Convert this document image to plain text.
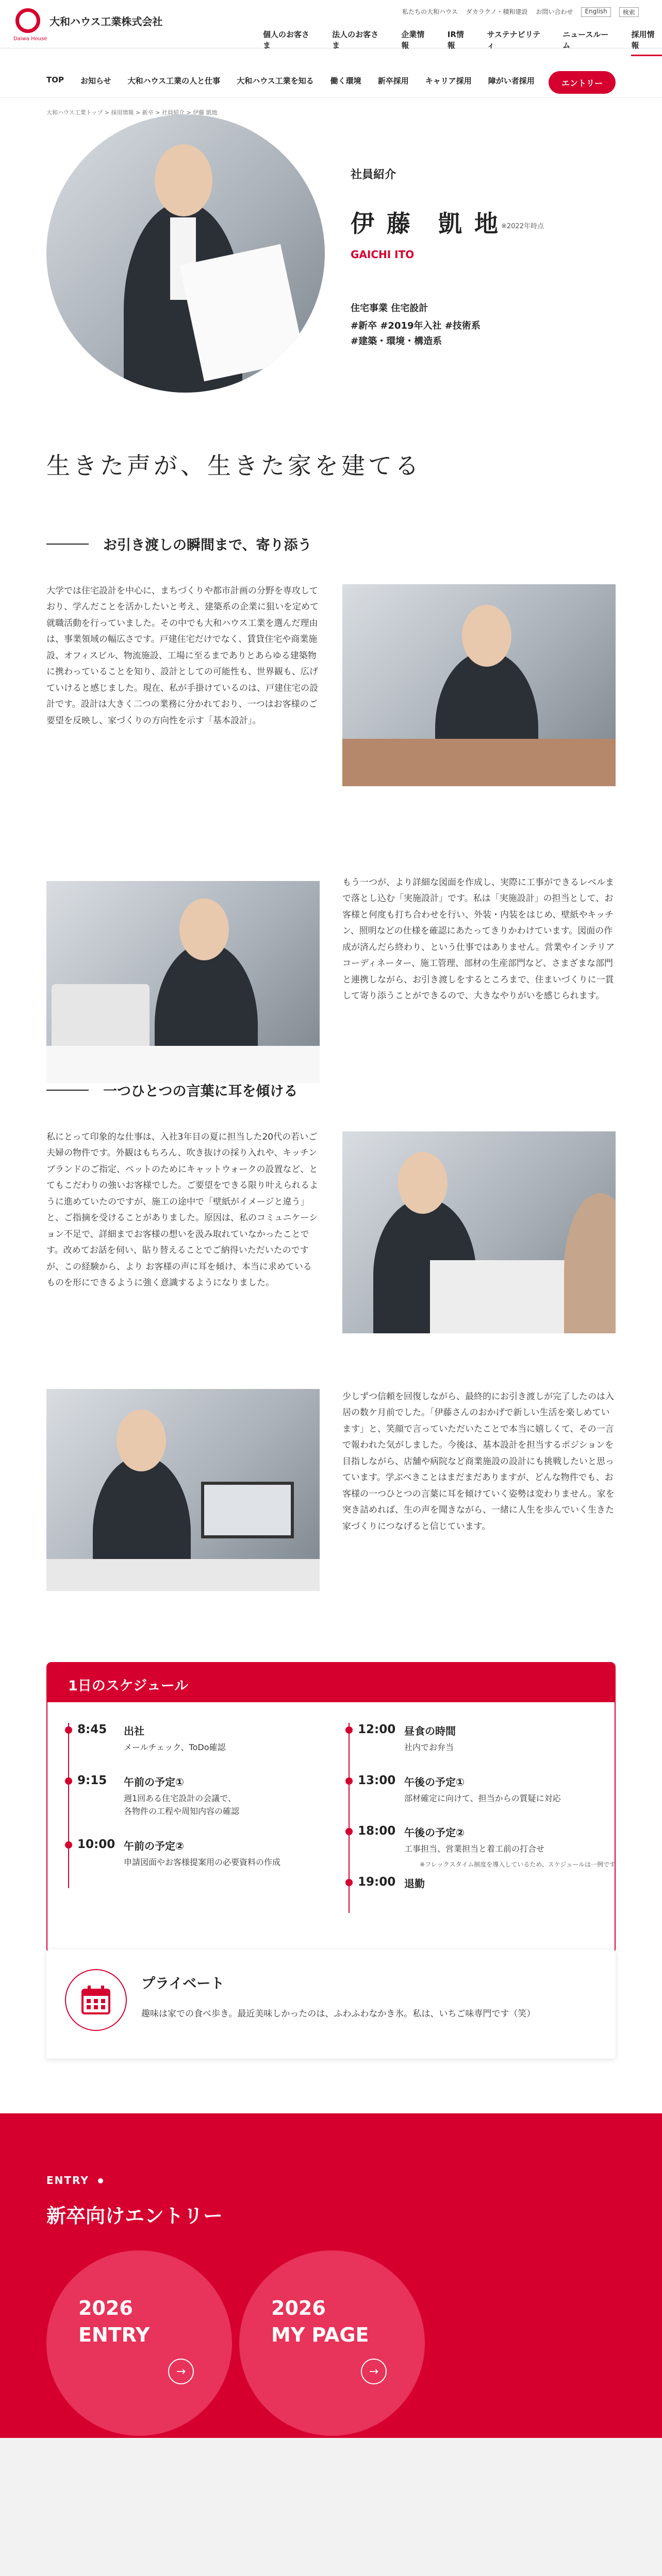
Daiwa House
大和ハウス工業株式会社
私たちの大和ハウス ダカラクノ・積和建設 お問い合わせ	English	検索
個人のお客さま
法人のお客さま
企業情報
IR情報
サステナビリティ
ニュースルーム
採用情報
TOP お知らせ 大和ハウス工業の人と仕事 大和ハウス工業を知る 働く環境 新卒採用 キャリア採用 障がい者採用	エントリー
大和ハウス工業トップ > 採用情報 > 新卒 > 社員紹介 > 伊藤 凱地
社員紹介
伊 藤　凱 地 ※2022年時点
GAICHI ITO
住宅事業 住宅設計
#新卒 #2019年入社 #技術系
#建築・環境・構造系
生きた声が、生きた家を建てる
お引き渡しの瞬間まで、寄り添う
大学では住宅設計を中心に、まちづくりや都市計画の分野を専攻しており、学んだことを活かしたいと考え、建築系の企業に狙いを定めて就職活動を行っていました。その中でも大和ハウス工業を選んだ理由は、事業領域の幅広さです。戸建住宅だけでなく、賃貸住宅や商業施設、オフィスビル、物流施設、工場に至るまでありとあらゆる建築物に携わっていることを知り、設計としての可能性も、世界観も、広げていけると感じました。現在、私が手掛けているのは、戸建住宅の設計です。設計は大きく二つの業務に分かれており、一つはお客様のご要望を反映し、家づくりの方向性を示す「基本設計」。
もう一つが、より詳細な図面を作成し、実際に工事ができるレベルまで落とし込む「実施設計」です。私は「実施設計」の担当として、お客様と何度も打ち合わせを行い、外装・内装をはじめ、壁紙やキッチン、照明などの仕様を確認にあたってきりかわけています。図面の作成が済んだら終わり、という仕事ではありません。営業やインテリアコーディネーター、施工管理、部材の生産部門など、さまざまな部門と連携しながら、お引き渡しをするところまで、住まいづくりに一貫して寄り添うことができるので、大きなやりがいを感じられます。
一つひとつの言葉に耳を傾ける
私にとって印象的な仕事は、入社3年目の夏に担当した20代の若いご夫婦の物件です。外観はもちろん、吹き抜けの採り入れや、キッチンブランドのご指定、ペットのためにキャットウォークの設置など、とてもこだわりの強いお客様でした。ご要望をできる限り叶えられるように進めていたのですが、施工の途中で「壁紙がイメージと違う」と、ご指摘を受けることがありました。原因は、私のコミュニケーション不足で、詳細までお客様の想いを汲み取れていなかったことです。改めてお話を伺い、貼り替えることでご納得いただいたのですが、この経験から、より お客様の声に耳を傾け、本当に求めているものを形にできるように強く意識するようになりました。
少しずつ信頼を回復しながら、最終的にお引き渡しが完了したのは入居の数ケ月前でした。「伊藤さんのおかげで新しい生活を楽しめています」と、笑顔で言っていただいたことで本当に嬉しくて、その一言で報われた気がしました。今後は、基本設計を担当するポジションを目指しながら、店舗や病院など商業施設の設計にも挑戦したいと思っています。学ぶべきことはまだまだありますが、どんな物件でも、お客様の一つひとつの言葉に耳を傾けていく姿勢は変わりません。家を突き詰めれば、生の声を聞きながら、一緒に人生を歩んでいく生きた家づくりにつなげると信じています。
1日のスケジュール
8:45	出社
メールチェック、ToDo確認
9:15	午前の予定①
週1回ある住宅設計の会議で、
各物件の工程や周知内容の確認
10:00 午前の予定②
申請図面やお客様提案用の必要資料の作成
12:00 昼食の時間
社内でお弁当
13:00 午後の予定①
部材確定に向けて、担当からの質疑に対応
18:00 午後の予定②
工事担当、営業担当と着工前の打合せ
19:00 退勤
※フレックスタイム制度を導入しているため、スケジュールは一例です
プライベート
趣味は家での食べ歩き。最近美味しかったのは、ふわふわなかき氷。私は、いちご味専門です（笑）
ENTRY
新卒向けエントリー
2026
ENTRY
→
2026
MY PAGE
→
